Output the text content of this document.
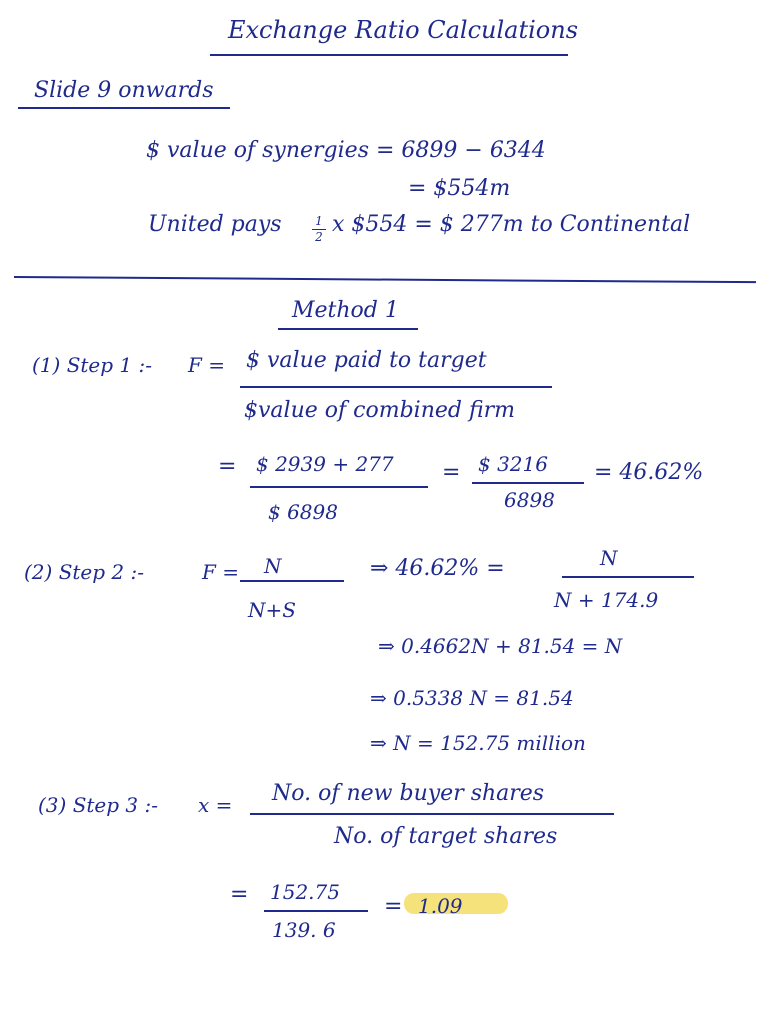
Exchange Ratio Calculations
Slide 9 onwards
$ value of synergies = 6899 − 6344
= $554m
United pays	1
2 x $554 = $ 277m to Continental
Method 1
(1) Step 1 :- F = $ value paid to target
$value of combined firm
= $ 2939 + 277
$ 6898
= $ 3216
6898
= 46.62%
(2) Step 2 :-	F = N
N+S
⇒ 46.62% =	N
N + 174.9
⇒ 0.4662N + 81.54 = N
⇒ 0.5338 N = 81.54
⇒ N = 152.75 million
(3) Step 3 :- x = No. of new buyer shares
No. of target shares
= 152.75
139. 6
= 1.09
